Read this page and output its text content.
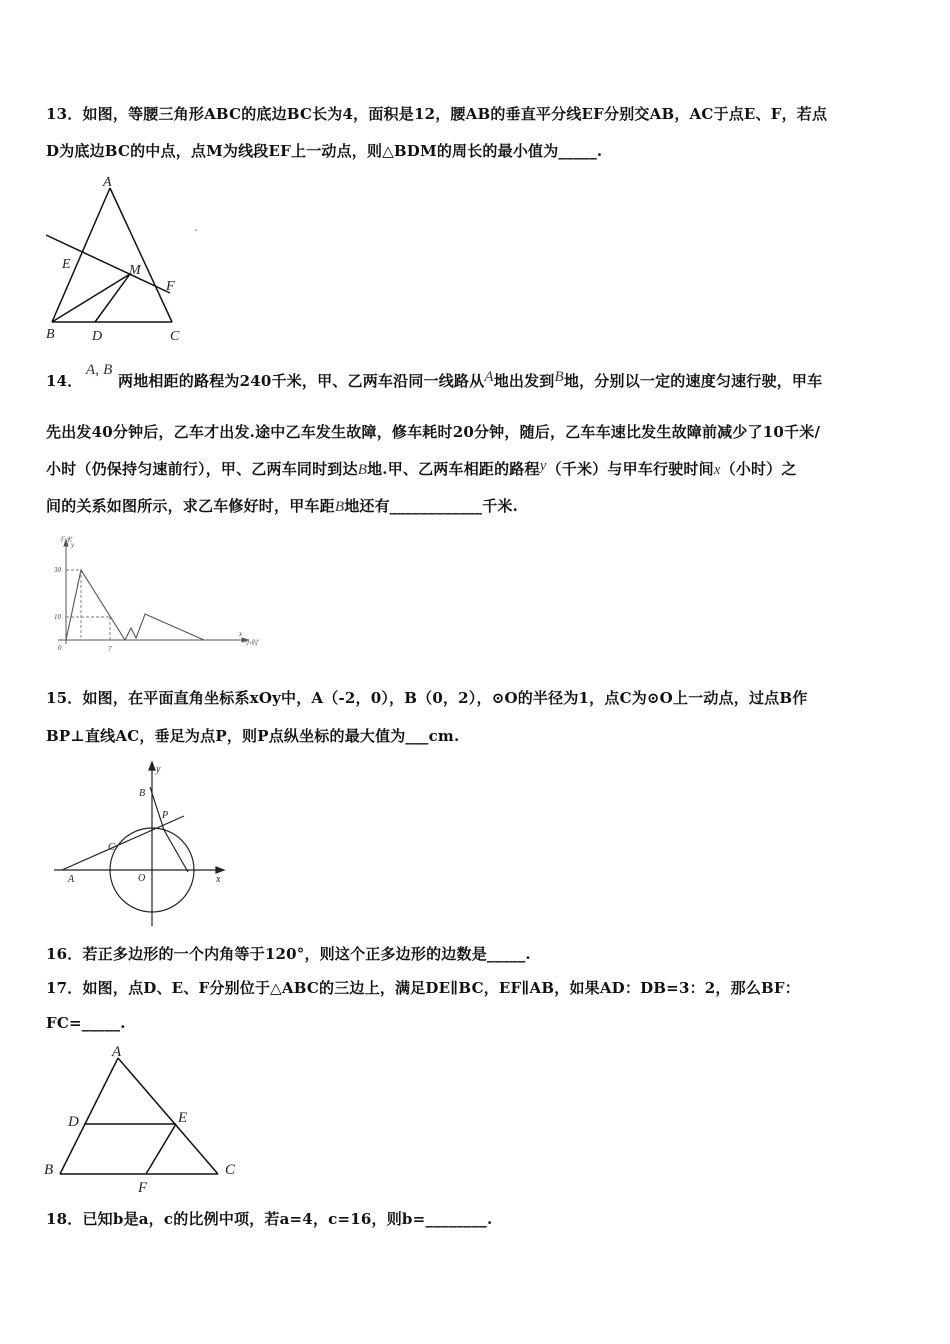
13．如图，等腰三角形ABC的底边BC长为4，面积是12，腰AB的垂直平分线EF分别交AB，AC于点E、F，若点
D为底边BC的中点，点M为线段EF上一动点，则△BDM的周长的最小值为_____.
A
E	M
F
B	D	C
14． A, B 两地相距的路程为240千米，甲、乙两车沿同一线路从A地出发到B地，分别以一定的速度匀速行驶，甲车
先出发40分钟后，乙车才出发.途中乙车发生故障，修车耗时20分钟，随后，乙车车速比发生故障前减少了10千米/
小时（仍保持匀速前行），甲、乙两车同时到达B地.甲、乙两车相距的路程y（千米）与甲车行驶时间x（小时）之
间的关系如图所示，求乙车修好时，甲车距B地还有____________千米.
千米
y
30
10
7
0
x
小时
15．如图，在平面直角坐标系xOy中，A（-2，0），B（0，2），⊙O的半径为1，点C为⊙O上一动点，过点B作
BP⊥直线AC，垂足为点P，则P点纵坐标的最大值为___cm.
y
B
P
C
A	O	x
16．若正多边形的一个内角等于120°，则这个正多边形的边数是_____.
17．如图，点D、E、F分别位于△ABC的三边上，满足DE∥BC，EF∥AB，如果AD：DB=3：2，那么BF：
FC=_____.
A
D	E
B	C
F
18．已知b是a，c的比例中项，若a=4，c=16，则b=________.
